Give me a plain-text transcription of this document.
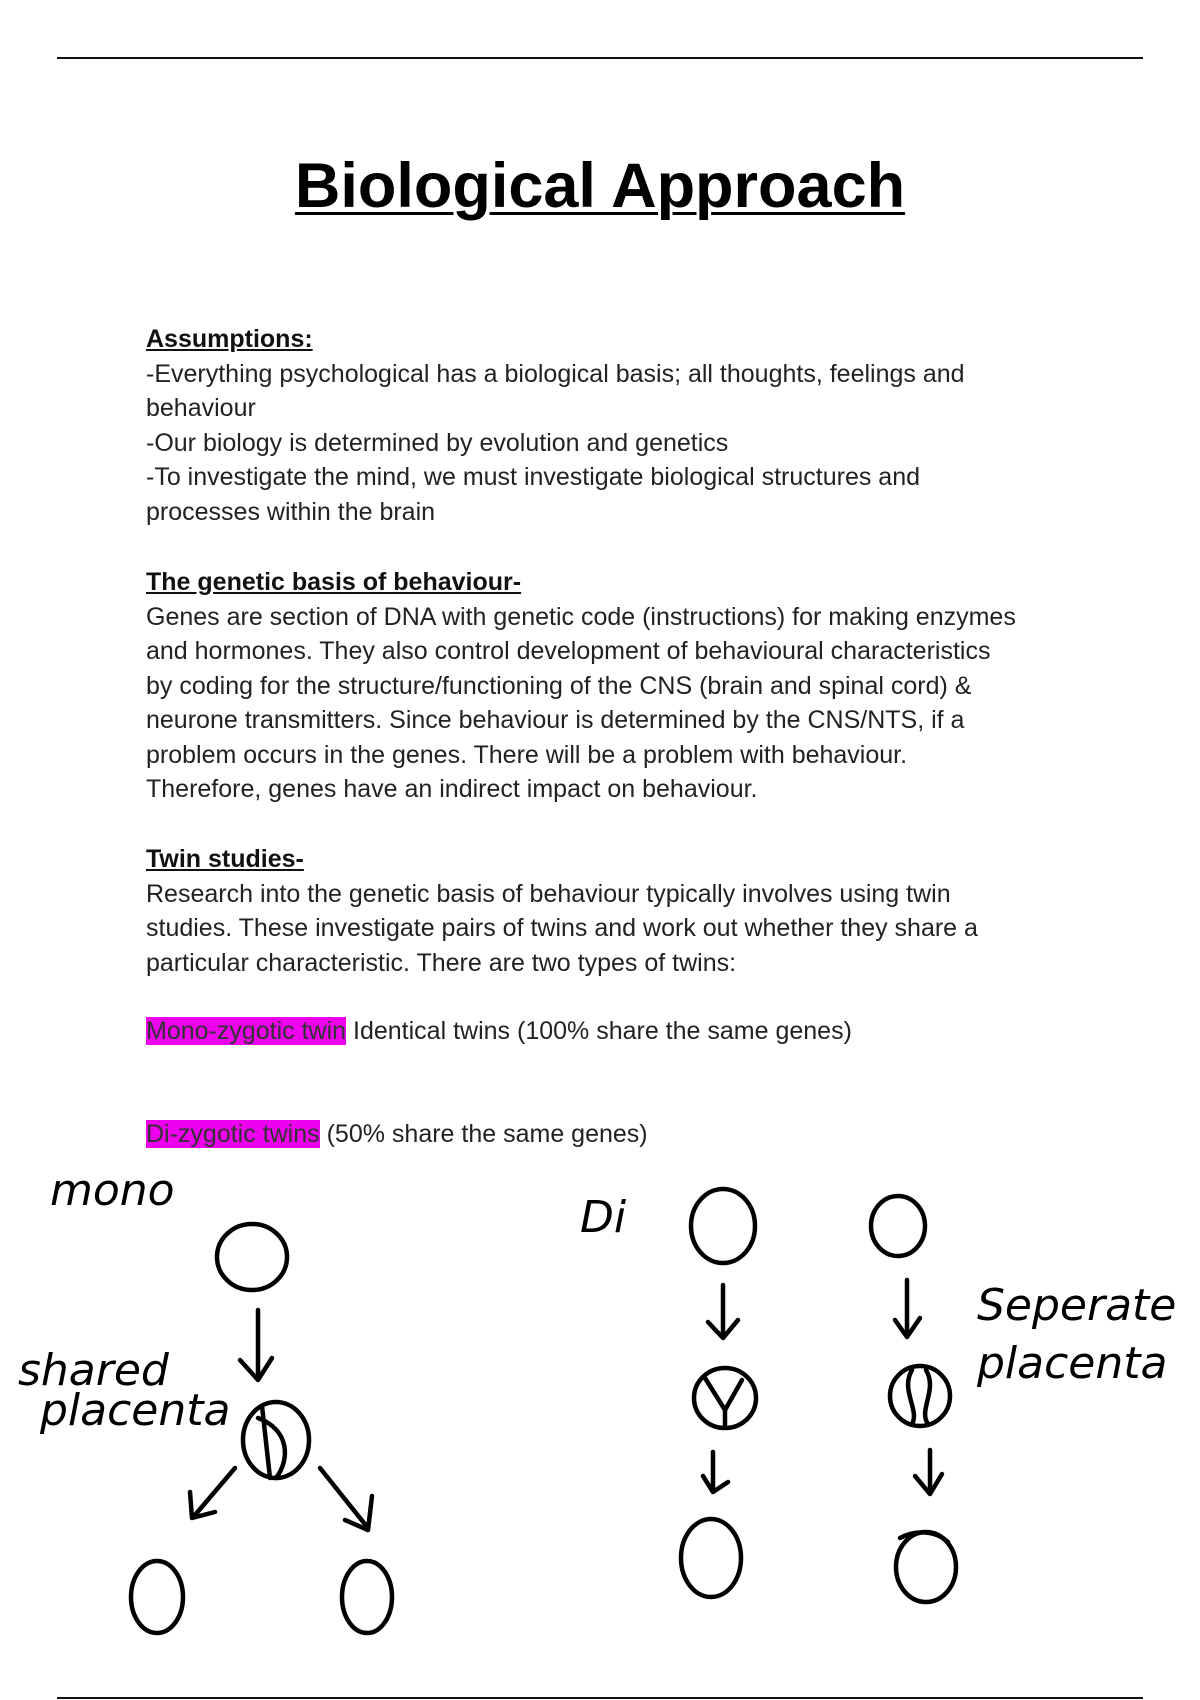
Biological Approach
Assumptions:
-Everything psychological has a biological basis; all thoughts, feelings and
behaviour
-Our biology is determined by evolution and genetics
-To investigate the mind, we must investigate biological structures and
processes within the brain
The genetic basis of behaviour-
Genes are section of DNA with genetic code (instructions) for making enzymes
and hormones. They also control development of behavioural characteristics
by coding for the structure/functioning of the CNS (brain and spinal cord) &
neurone transmitters. Since behaviour is determined by the CNS/NTS, if a
problem occurs in the genes. There will be a problem with behaviour.
Therefore, genes have an indirect impact on behaviour.
Twin studies-
Research into the genetic basis of behaviour typically involves using twin
studies. These investigate pairs of twins and work out whether they share a
particular characteristic. There are two types of twins:
Mono-zygotic twin Identical twins (100% share the same genes)
Di-zygotic twins (50% share the same genes)
mono
shared
placenta
Di
Seperate
placenta
